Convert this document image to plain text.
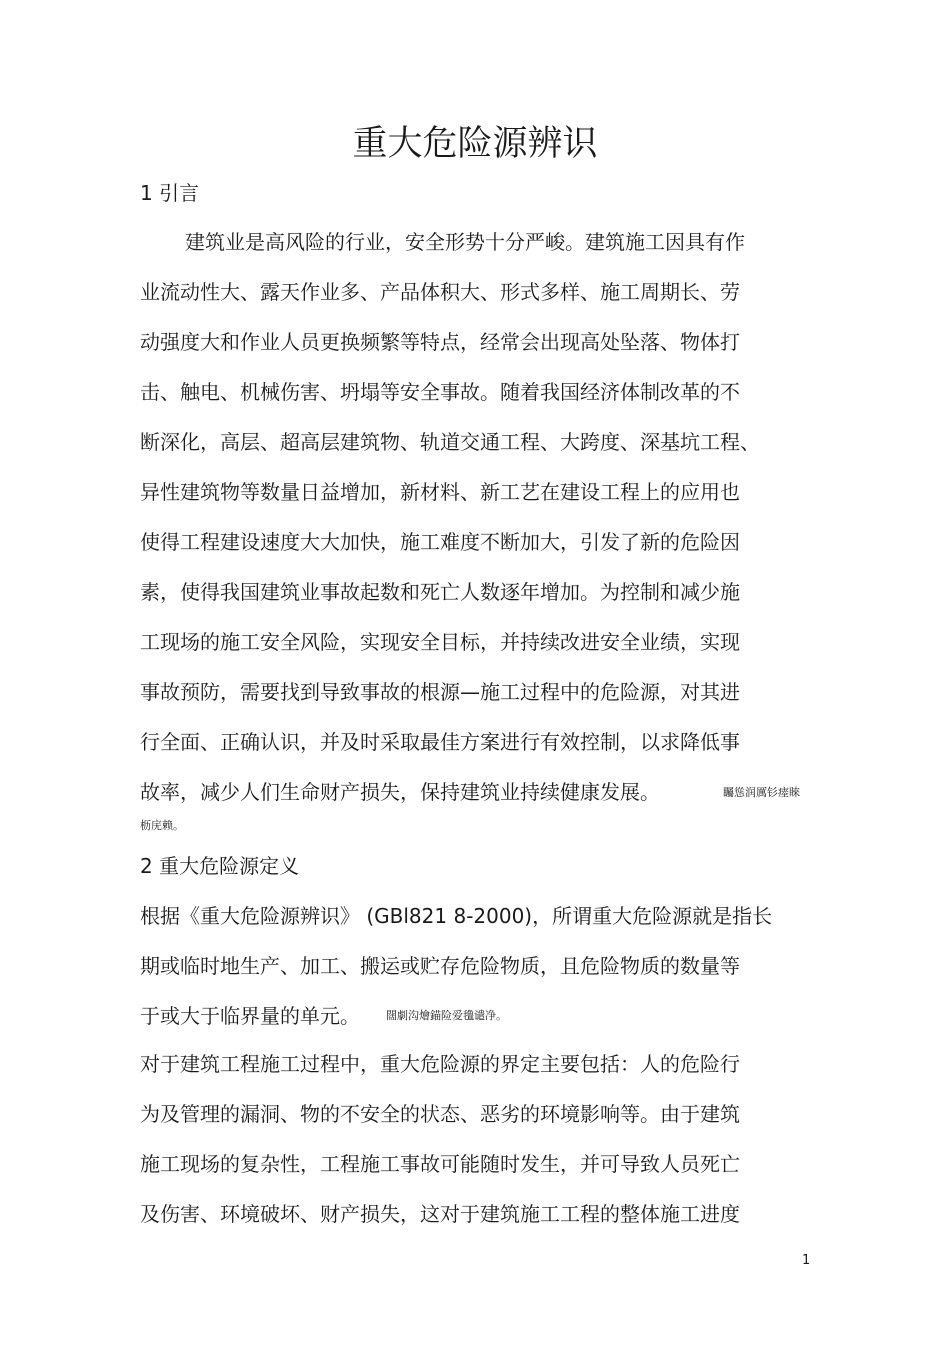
重大危险源辨识
1 引言
建筑业是高风险的行业，安全形势十分严峻。建筑施工因具有作
业流动性大、露天作业多、产品体积大、形式多样、施工周期长、劳
动强度大和作业人员更换频繁等特点，经常会出现高处坠落、物体打
击、触电、机械伤害、坍塌等安全事故。随着我国经济体制改革的不
断深化，高层、超高层建筑物、轨道交通工程、大跨度、深基坑工程、
异性建筑物等数量日益增加，新材料、新工艺在建设工程上的应用也
使得工程建设速度大大加快，施工难度不断加大，引发了新的危险因
素，使得我国建筑业事故起数和死亡人数逐年增加。为控制和减少施
工现场的施工安全风险，实现安全目标，并持续改进安全业绩，实现
事故预防，需要找到导致事故的根源—施工过程中的危险源，对其进
行全面、正确认识，并及时采取最佳方案进行有效控制，以求降低事
故率，减少人们生命财产损失，保持建筑业持续健康发展。	矚慫润厲钐瘗睞
枥庑赖。
2 重大危险源定义
根据《重大危险源辨识》 (GBl821 8-2000)，所谓重大危险源就是指长
期或临时地生产、加工、搬运或贮存危险物质，且危险物质的数量等
于或大于临界量的单元。 闊劇沟燴錨险爱氇谴净。
对于建筑工程施工过程中，重大危险源的界定主要包括：人的危险行
为及管理的漏洞、物的不安全的状态、恶劣的环境影响等。由于建筑
施工现场的复杂性，工程施工事故可能随时发生，并可导致人员死亡
及伤害、环境破坏、财产损失，这对于建筑施工工程的整体施工进度
1
